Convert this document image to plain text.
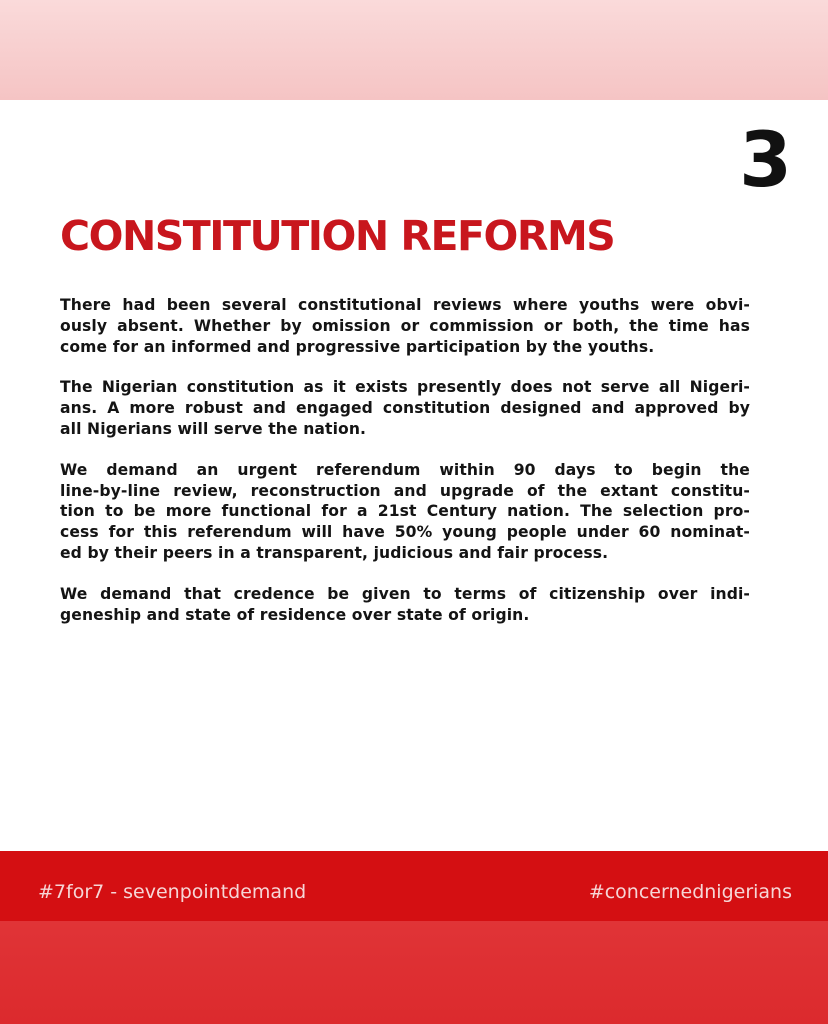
3
CONSTITUTION REFORMS

There had been several constitutional reviews where youths were obvi-
ously absent. Whether by omission or commission or both, the time has
come for an informed and progressive participation by the youths.

The Nigerian constitution as it exists presently does not serve all Nigeri-
ans. A more robust and engaged constitution designed and approved by
all Nigerians will serve the nation.

We demand an urgent referendum within 90 days to begin the
line-by-line review, reconstruction and upgrade of the extant constitu-
tion to be more functional for a 21st Century nation. The selection pro-
cess for this referendum will have 50% young people under 60 nominat-
ed by their peers in a transparent, judicious and fair process.

We demand that credence be given to terms of citizenship over indi-
geneship and state of residence over state of origin.

#7for7 - sevenpointdemand	#concernednigerians
